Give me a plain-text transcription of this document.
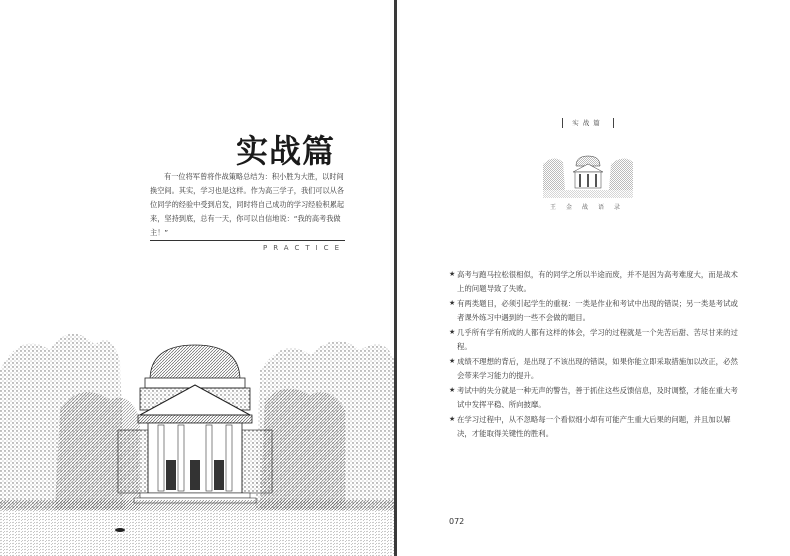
实战篇

有一位将军曾将作战策略总结为：积小胜为大胜，以时间换空间。其实，学习也是这样。作为高三学子，我们可以从各位同学的经验中受到启发，同时将自己成功的学习经验积累起来，坚持到底，总有一天，你可以自信地说：“我的高考我做主！”

PRACTICE
实战篇
王金战语录
★ 高考与跑马拉松很相似，有的同学之所以半途而废，并不是因为高考难度大，而是战术上的问题导致了失败。
★ 有两类题目，必须引起学生的重视：一类是作业和考试中出现的错误；另一类是考试或者课外练习中遇到的一些不会做的题目。
★ 几乎所有学有所成的人都有这样的体会，学习的过程就是一个先苦后甜、苦尽甘来的过程。
★ 成绩不理想的背后，是出现了不该出现的错误，如果你能立即采取措施加以改正，必然会带来学习能力的提升。
★ 考试中的失分就是一种无声的警告，善于抓住这些反馈信息，及时调整，才能在重大考试中发挥平稳、所向披靡。
★ 在学习过程中，从不忽略每一个看似细小却有可能产生重大后果的问题，并且加以解决，才能取得关键性的胜利。
072
